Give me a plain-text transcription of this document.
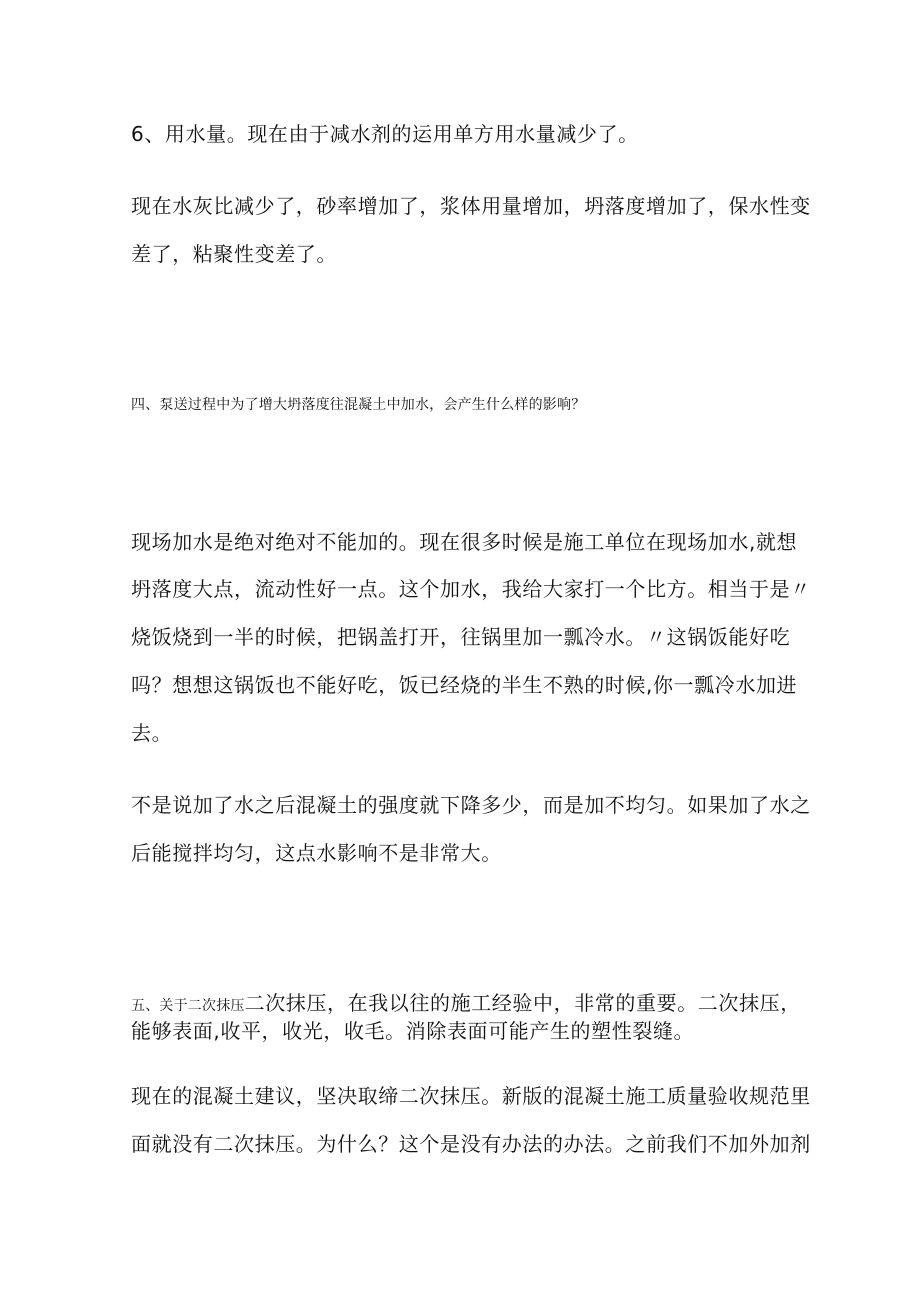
6、用水量。现在由于减水剂的运用单方用水量减少了。
现在水灰比减少了，砂率增加了，浆体用量增加，坍落度增加了，保水性变
差了，粘聚性变差了。
四、泵送过程中为了增大坍落度往混凝土中加水，会产生什么样的影响？
现场加水是绝对绝对不能加的。现在很多时候是施工单位在现场加水,就想
坍落度大点，流动性好一点。这个加水，我给大家打一个比方。相当于是〃
烧饭烧到一半的时候，把锅盖打开，往锅里加一瓢冷水。〃这锅饭能好吃
吗？想想这锅饭也不能好吃，饭已经烧的半生不熟的时候,你一瓢冷水加进
去。
不是说加了水之后混凝土的强度就下降多少，而是加不均匀。如果加了水之
后能搅拌均匀，这点水影响不是非常大。
五、关于二次抹压二次抹压，在我以往的施工经验中，非常的重要。二次抹压，
能够表面,收平，收光，收毛。消除表面可能产生的塑性裂缝。
现在的混凝土建议，坚决取缔二次抹压。新版的混凝土施工质量验收规范里
面就没有二次抹压。为什么？这个是没有办法的办法。之前我们不加外加剂
